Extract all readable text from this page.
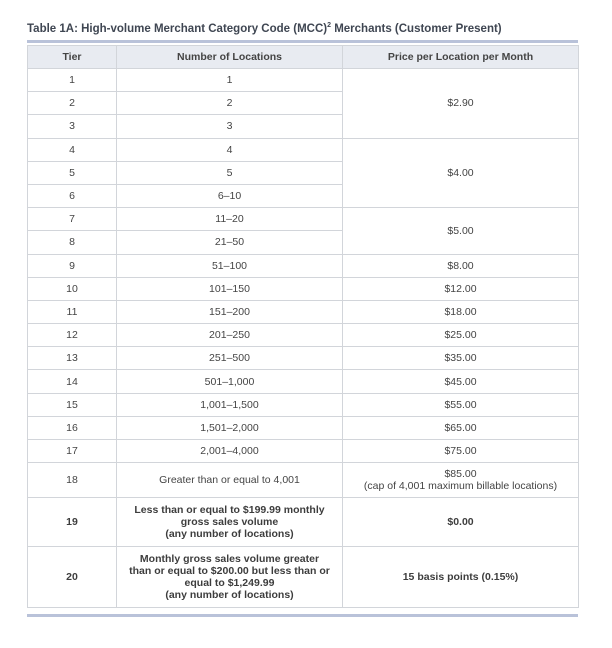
Table 1A: High-volume Merchant Category Code (MCC)$^2$ Merchants (Customer Present)
Tier	Number of Locations	Price per Location per Month
1	1	$2.90
2	2	
3	3	
4	4	$4.00
5	5	
6	6–10	
7	11–20	$5.00
8	21–50	
9	51–100	$8.00
10	101–150	$12.00
11	151–200	$18.00
12	201–250	$25.00
13	251–500	$35.00
14	501–1,000	$45.00
15	1,001–1,500	$55.00
16	1,501–2,000	$65.00
17	2,001–4,000	$75.00
18	Greater than or equal to 4,001	$85.00
(cap of 4,001 maximum billable locations)

19	Less than or equal to $199.99 monthly
gross sales volume
(any number of locations)	$0.00
20	Monthly gross sales volume greater
than or equal to $200.00 but less than or
equal to $1,249.99
(any number of locations)	15 basis points (0.15%)
